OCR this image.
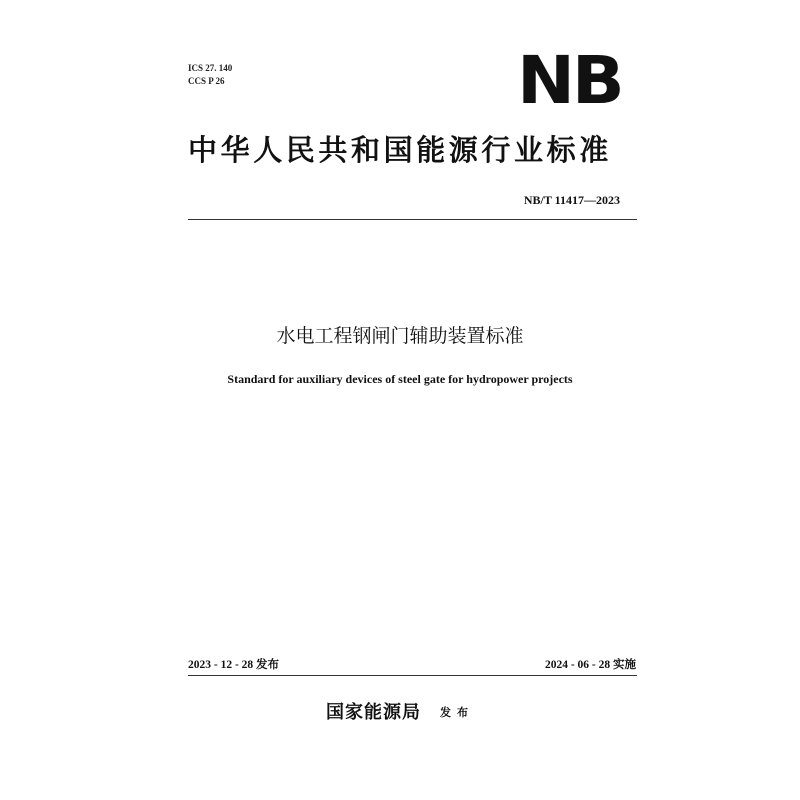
ICS 27. 140
CCS P 26	NB
中华人民共和国能源行业标准
NB/T 11417—2023
水电工程钢闸门辅助装置标准
Standard for auxiliary devices of steel gate for hydropower projects
2023 - 12 - 28 发布	2024 - 06 - 28 实施
国家能源局 发布
